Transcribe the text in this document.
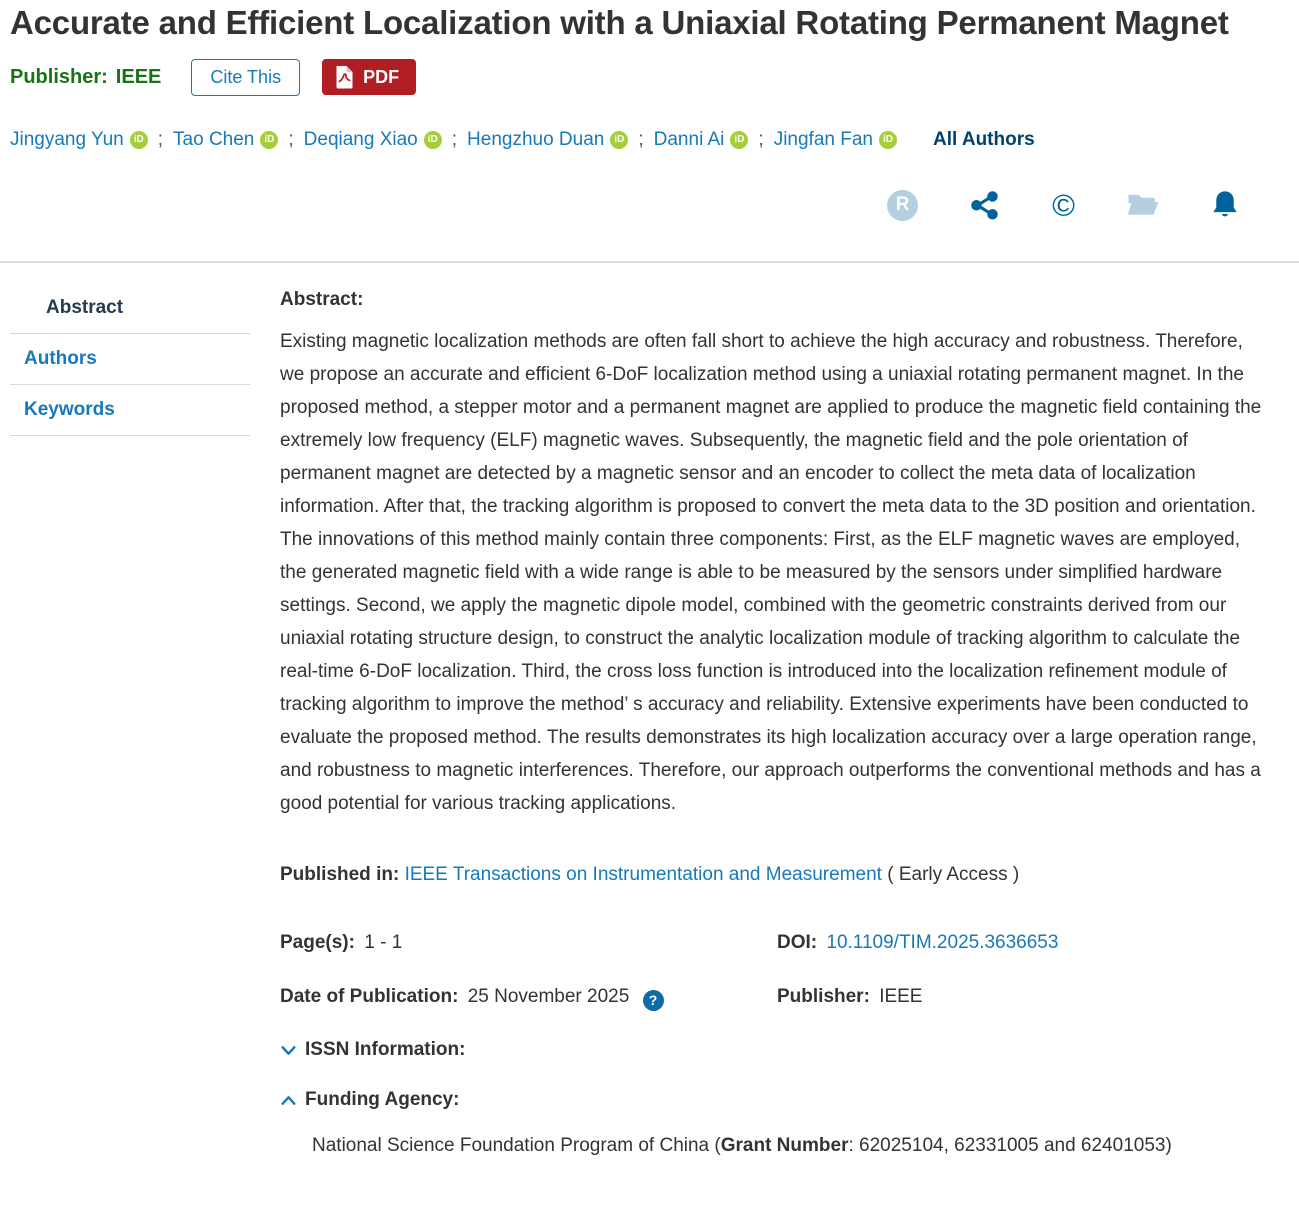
Accurate and Efficient Localization with a Uniaxial Rotating Permanent Magnet
Publisher: IEEE	Cite This	PDF
Jingyang Yun	iD ; Tao Chen	iD ; Deqiang Xiao	iD ; Hengzhuo Duan	iD ; Danni Ai	iD ; Jingfan Fan	iD All Authors
R	©
Abstract
Authors
Keywords
Abstract:

Existing magnetic localization methods are often fall short to achieve the high accuracy and robustness. Therefore, we propose an accurate and efficient 6-DoF localization method using a uniaxial rotating permanent magnet. In the proposed method, a stepper motor and a permanent magnet are applied to produce the magnetic field containing the extremely low frequency (ELF) magnetic waves. Subsequently, the magnetic field and the pole orientation of permanent magnet are detected by a magnetic sensor and an encoder to collect the meta data of localization information. After that, the tracking algorithm is proposed to convert the meta data to the 3D position and orientation. The innovations of this method mainly contain three components: First, as the ELF magnetic waves are employed, the generated magnetic field with a wide range is able to be measured by the sensors under simplified hardware settings. Second, we apply the magnetic dipole model, combined with the geometric constraints derived from our uniaxial rotating structure design, to construct the analytic localization module of tracking algorithm to calculate the real-time 6-DoF localization. Third, the cross loss function is introduced into the localization refinement module of tracking algorithm to improve the method’ s accuracy and reliability. Extensive experiments have been conducted to evaluate the proposed method. The results demonstrates its high localization accuracy over a large operation range, and robustness to magnetic interferences. Therefore, our approach outperforms the conventional methods and has a good potential for various tracking applications.

Published in: IEEE Transactions on Instrumentation and Measurement ( Early Access )

Page(s): 1 - 1	DOI: 10.1109/TIM.2025.3636653
Date of Publication: 25 November 2025 ?	Publisher: IEEE
ISSN Information:
Funding Agency:

National Science Foundation Program of China (Grant Number: 62025104, 62331005 and 62401053)
